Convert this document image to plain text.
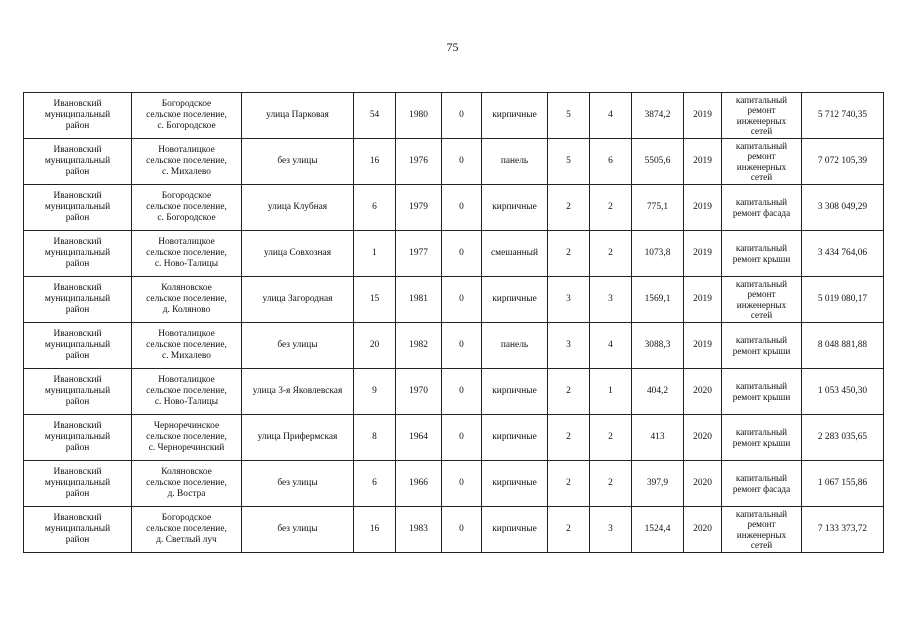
75
Ивановский
муниципальный
район	Богородское
сельское поселение,
с. Богородское	улица Парковая	54	1980	0	кирпичные	5	4	3874,2	2019	капитальный
ремонт
инженерных
сетей	5 712 740,35
Ивановский
муниципальный
район	Новоталицкое
сельское поселение,
с. Михалево	без улицы	16	1976	0	панель	5	6	5505,6	2019	капитальный
ремонт
инженерных
сетей	7 072 105,39
Ивановский
муниципальный
район	Богородское
сельское поселение,
с. Богородское	улица Клубная	6	1979	0	кирпичные	2	2	775,1	2019	капитальный
ремонт фасада	3 308 049,29
Ивановский
муниципальный
район	Новоталицкое
сельское поселение,
с. Ново-Талицы	улица Совхозная	1	1977	0	смешанный	2	2	1073,8	2019	капитальный
ремонт крыши	3 434 764,06
Ивановский
муниципальный
район	Коляновское
сельское поселение,
д. Коляново	улица Загородная	15	1981	0	кирпичные	3	3	1569,1	2019	капитальный
ремонт
инженерных
сетей	5 019 080,17
Ивановский
муниципальный
район	Новоталицкое
сельское поселение,
с. Михалево	без улицы	20	1982	0	панель	3	4	3088,3	2019	капитальный
ремонт крыши	8 048 881,88
Ивановский
муниципальный
район	Новоталицкое
сельское поселение,
с. Ново-Талицы	улица 3-я Яковлевская	9	1970	0	кирпичные	2	1	404,2	2020	капитальный
ремонт крыши	1 053 450,30
Ивановский
муниципальный
район	Черноречинское
сельское поселение,
с. Черноречинский	улица Прифермская	8	1964	0	кирпичные	2	2	413	2020	капитальный
ремонт крыши	2 283 035,65
Ивановский
муниципальный
район	Коляновское
сельское поселение,
д. Востра	без улицы	6	1966	0	кирпичные	2	2	397,9	2020	капитальный
ремонт фасада	1 067 155,86
Ивановский
муниципальный
район	Богородское
сельское поселение,
д. Светлый луч	без улицы	16	1983	0	кирпичные	2	3	1524,4	2020	капитальный
ремонт
инженерных
сетей	7 133 373,72
